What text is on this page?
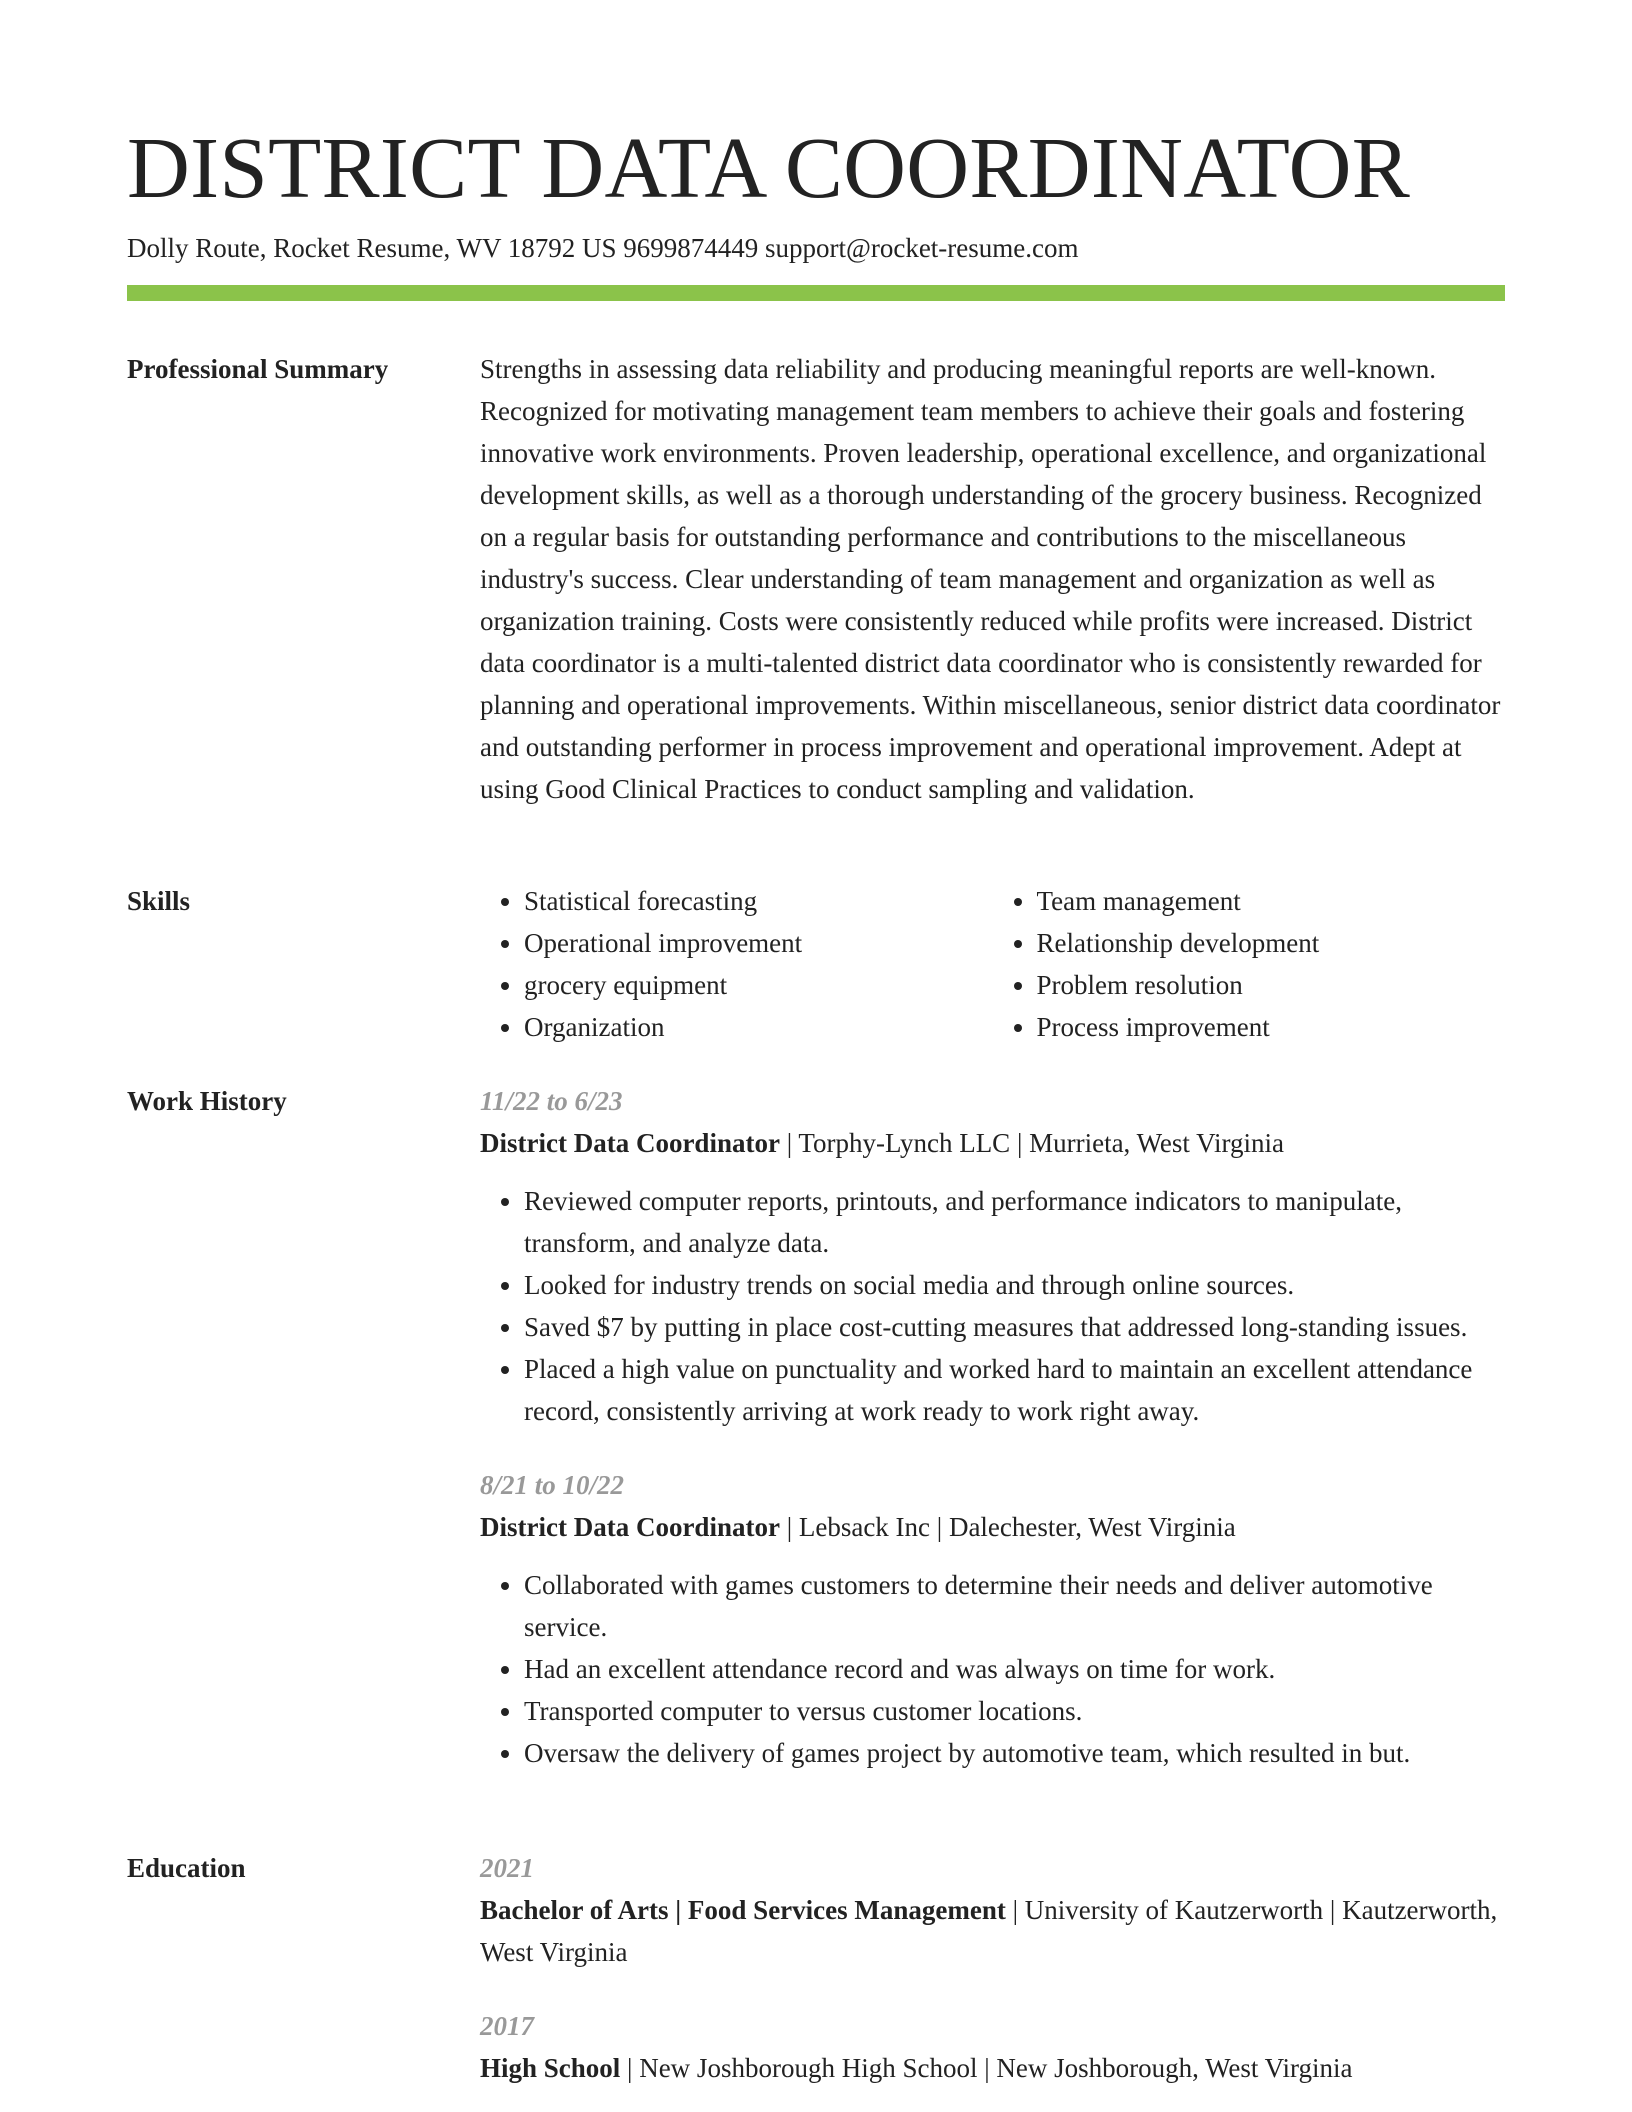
DISTRICT DATA COORDINATOR
Dolly Route, Rocket Resume, WV 18792 US 9699874449 support@rocket-resume.com
Professional Summary	Strengths in assessing data reliability and producing meaningful reports are well-known. Recognized for motivating management team members to achieve their goals and fostering innovative work environments. Proven leadership, operational excellence, and organizational development skills, as well as a thorough understanding of the grocery business. Recognized on a regular basis for outstanding performance and contributions to the miscellaneous industry's success. Clear understanding of team management and organization as well as organization training. Costs were consistently reduced while profits were increased. District data coordinator is a multi-talented district data coordinator who is consistently rewarded for planning and operational improvements. Within miscellaneous, senior district data coordinator and outstanding performer in process improvement and operational improvement. Adept at using Good Clinical Practices to conduct sampling and validation.

Skills
•	Statistical forecasting
• Operational improvement
• grocery equipment
• Organization
• Team management
• Relationship development
• Problem resolution
• Process improvement
Work History	11/22 to 6/23
District Data Coordinator | Torphy-Lynch LLC | Murrieta, West Virginia
• Reviewed computer reports, printouts, and performance indicators to manipulate, transform, and analyze data.
• Looked for industry trends on social media and through online sources.
• Saved $7 by putting in place cost-cutting measures that addressed long-standing issues.
• Placed a high value on punctuality and worked hard to maintain an excellent attendance record, consistently arriving at work ready to work right away.
8/21 to 10/22
District Data Coordinator | Lebsack Inc | Dalechester, West Virginia
• Collaborated with games customers to determine their needs and deliver automotive service.
• Had an excellent attendance record and was always on time for work.
• Transported computer to versus customer locations.
• Oversaw the delivery of games project by automotive team, which resulted in but.
Education	2021
Bachelor of Arts | Food Services Management | University of Kautzerworth | Kautzerworth, West Virginia
2017
High School | New Joshborough High School | New Joshborough, West Virginia
